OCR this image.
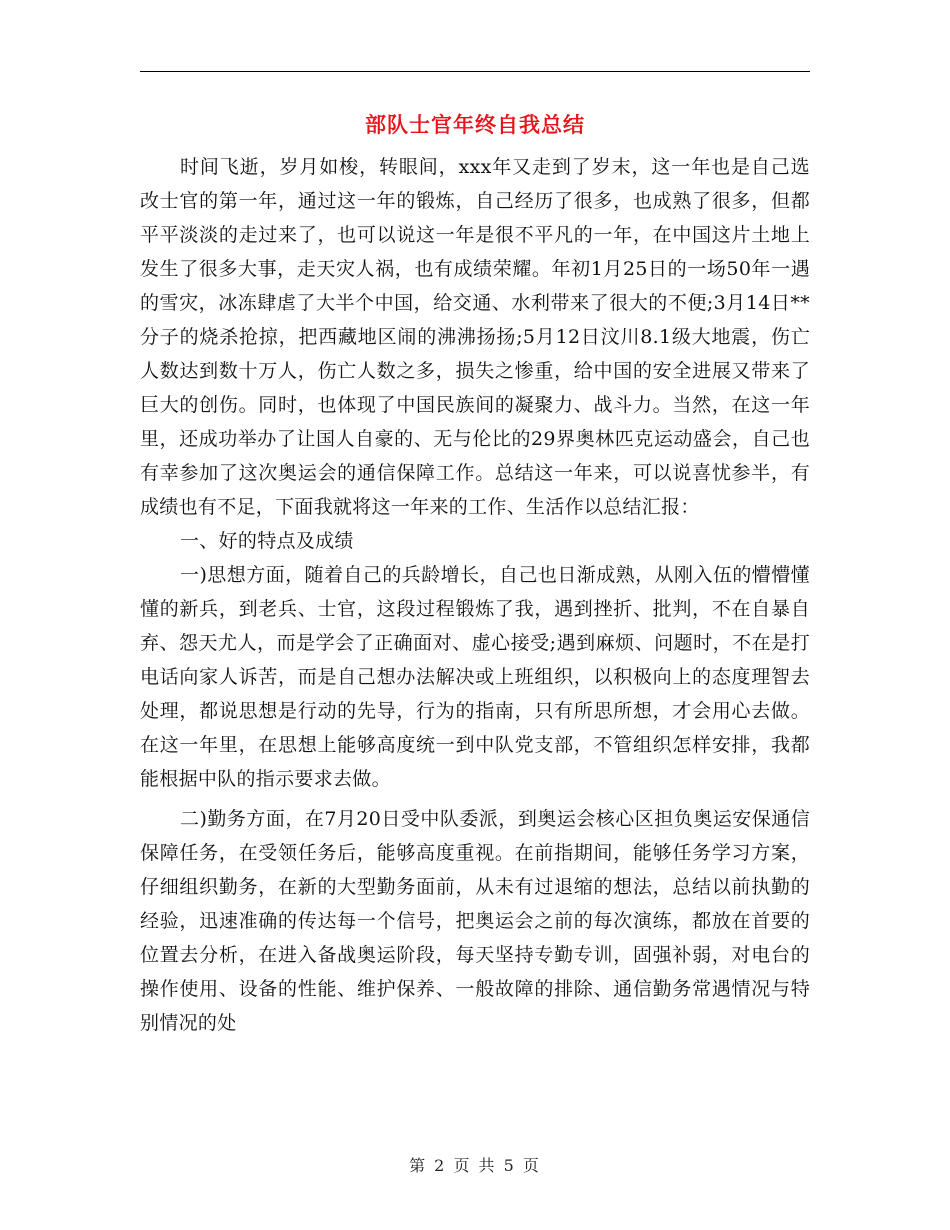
部队士官年终自我总结

时间飞逝，岁月如梭，转眼间，xxx年又走到了岁末，这一年也是自己选改士官的第一年，通过这一年的锻炼，自己经历了很多，也成熟了很多，但都平平淡淡的走过来了，也可以说这一年是很不平凡的一年，在中国这片土地上发生了很多大事，走天灾人祸，也有成绩荣耀。年初1月25日的一场50年一遇的雪灾，冰冻肆虐了大半个中国，给交通、水利带来了很大的不便;3月14日**分子的烧杀抢掠，把西藏地区闹的沸沸扬扬;5月12日汶川8.1级大地震，伤亡人数达到数十万人，伤亡人数之多，损失之惨重，给中国的安全进展又带来了巨大的创伤。同时，也体现了中国民族间的凝聚力、战斗力。当然，在这一年里，还成功举办了让国人自豪的、无与伦比的29界奥林匹克运动盛会，自己也有幸参加了这次奥运会的通信保障工作。总结这一年来，可以说喜忧参半，有成绩也有不足，下面我就将这一年来的工作、生活作以总结汇报：

一、好的特点及成绩

一)思想方面，随着自己的兵龄增长，自己也日渐成熟，从刚入伍的懵懵懂懂的新兵，到老兵、士官，这段过程锻炼了我，遇到挫折、批判，不在自暴自弃、怨天尤人，而是学会了正确面对、虚心接受;遇到麻烦、问题时，不在是打电话向家人诉苦，而是自己想办法解决或上班组织，以积极向上的态度理智去处理，都说思想是行动的先导，行为的指南，只有所思所想，才会用心去做。在这一年里，在思想上能够高度统一到中队党支部，不管组织怎样安排，我都能根据中队的指示要求去做。

二)勤务方面，在7月20日受中队委派，到奥运会核心区担负奥运安保通信保障任务，在受领任务后，能够高度重视。在前指期间，能够任务学习方案，仔细组织勤务，在新的大型勤务面前，从未有过退缩的想法，总结以前执勤的经验，迅速准确的传达每一个信号，把奥运会之前的每次演练，都放在首要的位置去分析，在进入备战奥运阶段，每天坚持专勤专训，固强补弱，对电台的操作使用、设备的性能、维护保养、一般故障的排除、通信勤务常遇情况与特别情况的处

第 2 页 共 5 页
